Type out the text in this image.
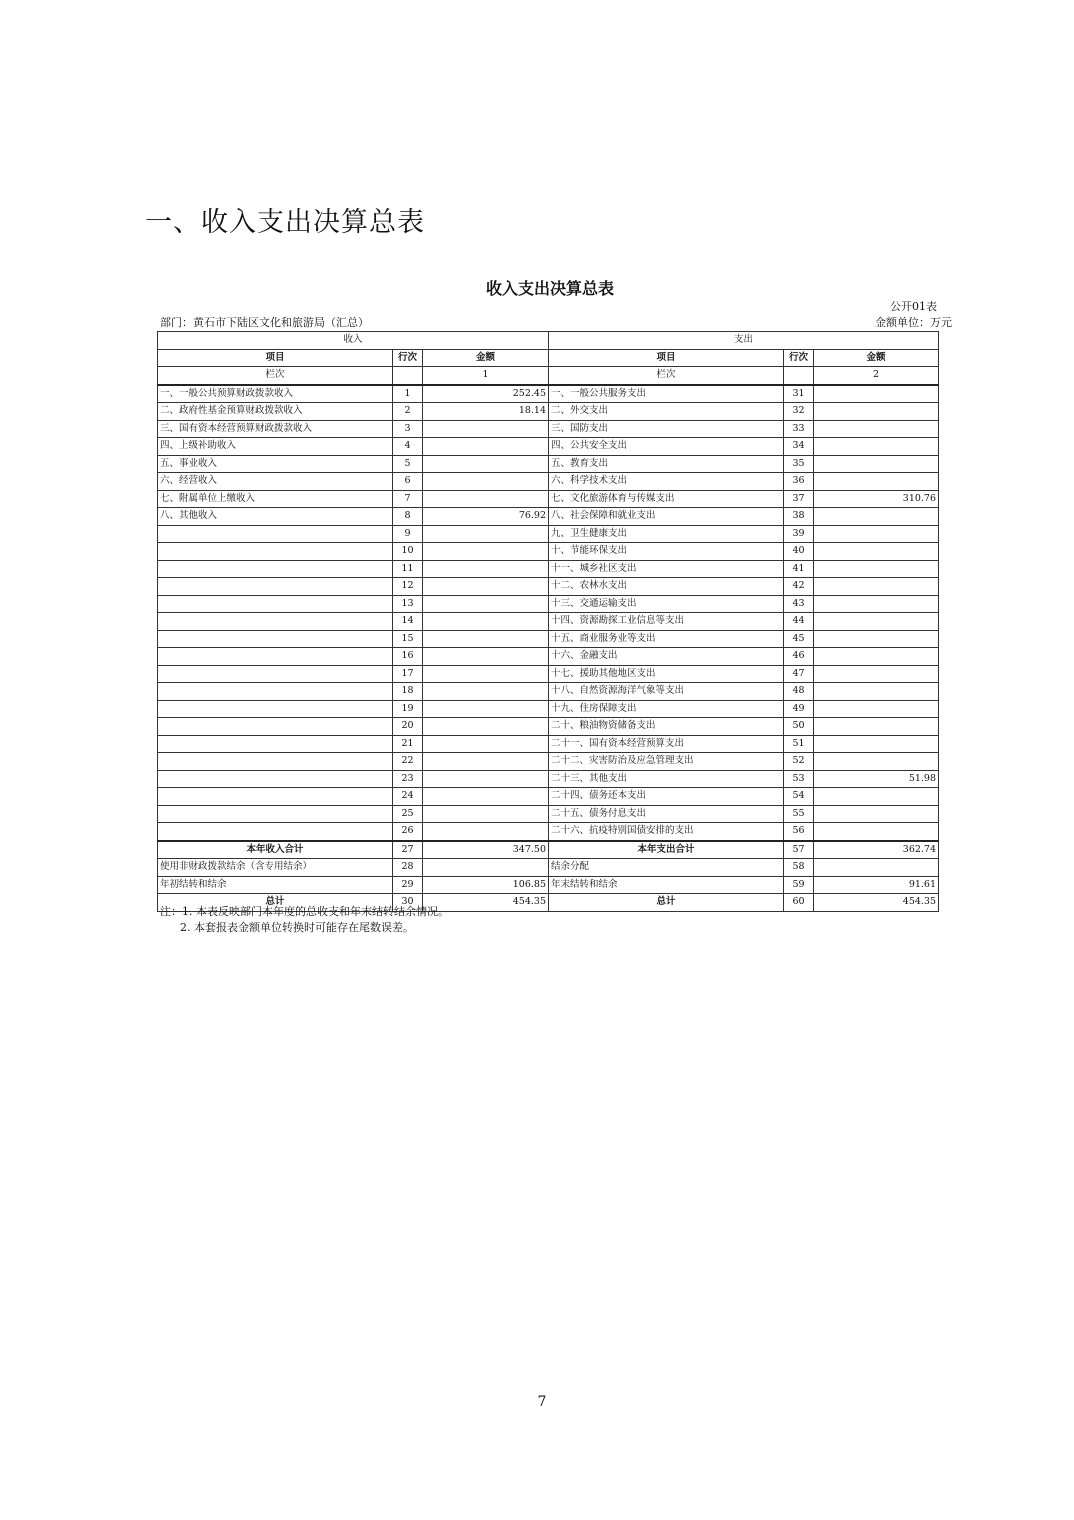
一、收入支出决算总表
收入支出决算总表
公开01表
部门：黄石市下陆区文化和旅游局（汇总）	金额单位：万元
收入			支出		
项目	行次	金额	项目	行次	金额
栏次		1	栏次		2
一、一般公共预算财政拨款收入	1	252.45	一、一般公共服务支出	31	
二、政府性基金预算财政拨款收入	2	18.14	二、外交支出	32	
三、国有资本经营预算财政拨款收入	3		三、国防支出	33	
四、上级补助收入	4		四、公共安全支出	34	
五、事业收入	5		五、教育支出	35	
六、经营收入	6		六、科学技术支出	36	
七、附属单位上缴收入	7		七、文化旅游体育与传媒支出	37	310.76
八、其他收入	8	76.92	八、社会保障和就业支出	38	
	9		九、卫生健康支出	39	
	10		十、节能环保支出	40	
	11		十一、城乡社区支出	41	
	12		十二、农林水支出	42	
	13		十三、交通运输支出	43	
	14		十四、资源勘探工业信息等支出	44	
	15		十五、商业服务业等支出	45	
	16		十六、金融支出	46	
	17		十七、援助其他地区支出	47	
	18		十八、自然资源海洋气象等支出	48	
	19		十九、住房保障支出	49	
	20		二十、粮油物资储备支出	50	
	21		二十一、国有资本经营预算支出	51	
	22		二十二、灾害防治及应急管理支出	52	
	23		二十三、其他支出	53	51.98
	24		二十四、债务还本支出	54	
	25		二十五、债务付息支出	55	
	26		二十六、抗疫特别国债安排的支出	56	
本年收入合计	27	347.50	本年支出合计	57	362.74
使用非财政拨款结余（含专用结余）	28		结余分配	58	
年初结转和结余	29	106.85	年末结转和结余	59	91.61
总计	30	454.35	总计	60	454.35
注：1. 本表反映部门本年度的总收支和年末结转结余情况。
2. 本套报表金额单位转换时可能存在尾数误差。
7
